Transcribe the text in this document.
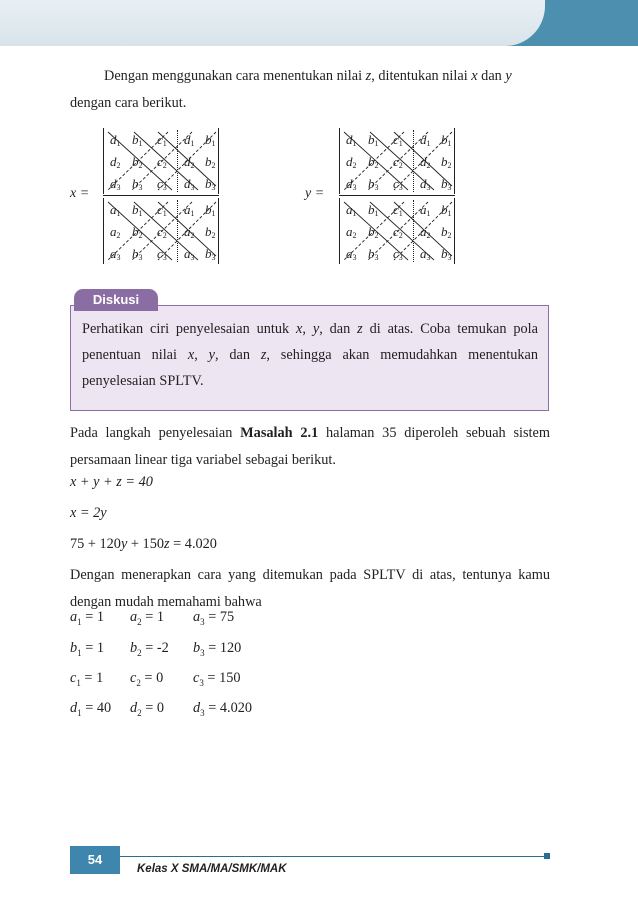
Dengan menggunakan cara menentukan nilai z, ditentukan nilai x dan y
dengan cara berikut.

x =
$d_1$ $b_1$	$c_1$	$d_1$ $b_1$
$d_2$ $b_2$	$c_2$	$d_2$ $b_2$
$d_3$ $b_3$	$c_3$	$d_3$ $b_3$
$a_1$ $b_1$	$c_1$	$a_1$ $b_1$
$a_2$ $b_2$	$c_2$	$a_2$ $b_2$
$a_3$ $b_3$	$c_3$	$a_3$ $b_3$
y =
$d_1$ $b_1$	$c_1$	$d_1$ $b_1$
$d_2$ $b_2$	$c_2$	$d_2$ $b_2$
$d_3$ $b_3$	$c_3$	$d_3$ $b_3$
$a_1$ $b_1$	$c_1$	$a_1$ $b_1$
$a_2$ $b_2$	$c_2$	$a_2$ $b_2$
$a_3$ $b_3$	$c_3$	$a_3$ $b_3$
Diskusi

Perhatikan ciri penyelesaian untuk x, y, dan z di atas. Coba temukan pola penentuan nilai x, y, dan z, sehingga akan memudahkan menentukan penyelesaian SPLTV.

Pada langkah penyelesaian Masalah 2.1 halaman 35 diperoleh sebuah sistem persamaan linear tiga variabel sebagai berikut.

x + y + z = 40

x = 2y

75 + 120y + 150z = 4.020

Dengan menerapkan cara yang ditemukan pada SPLTV di atas, tentunya kamu dengan mudah memahami bahwa

$a_1 = 1$ $a_2 = 1$ $a_3 = 75$
$b_1 = 1$ $b_2 = -2$ $b_3 = 120$
$c_1 = 1$ $c_2 = 0$ $c_3 = 150$
$d_1 = 40$ $d_2 = 0$ $d_3 = 4.020$
54
Kelas X SMA/MA/SMK/MAK
